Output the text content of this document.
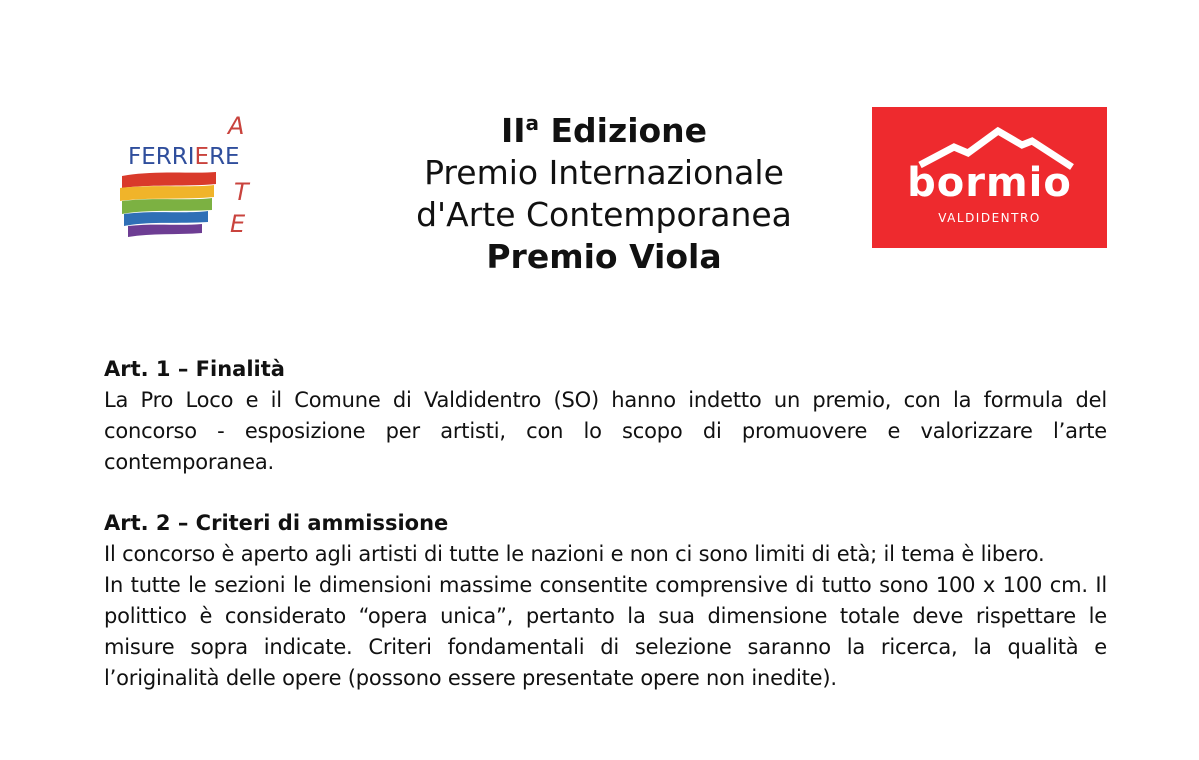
FERRIERE
A
E
T
$II^a$ Edizione
Premio Internazionale
d'Arte Contemporanea
Premio Viola
bormio
VALDIDENTRO
Art. 1 – Finalità
La Pro Loco e il Comune di Valdidentro (SO) hanno indetto un premio, con la formula del concorso - esposizione per artisti, con lo scopo di promuovere e valorizzare l’arte contemporanea.
Art. 2 – Criteri di ammissione
Il concorso è aperto agli artisti di tutte le nazioni e non ci sono limiti di età; il tema è libero.
In tutte le sezioni le dimensioni massime consentite comprensive di tutto sono 100 x 100 cm. Il polittico è considerato “opera unica”, pertanto la sua dimensione totale deve rispettare le misure sopra indicate. Criteri fondamentali di selezione saranno la ricerca, la qualità e l’originalità delle opere (possono essere presentate opere non inedite).
